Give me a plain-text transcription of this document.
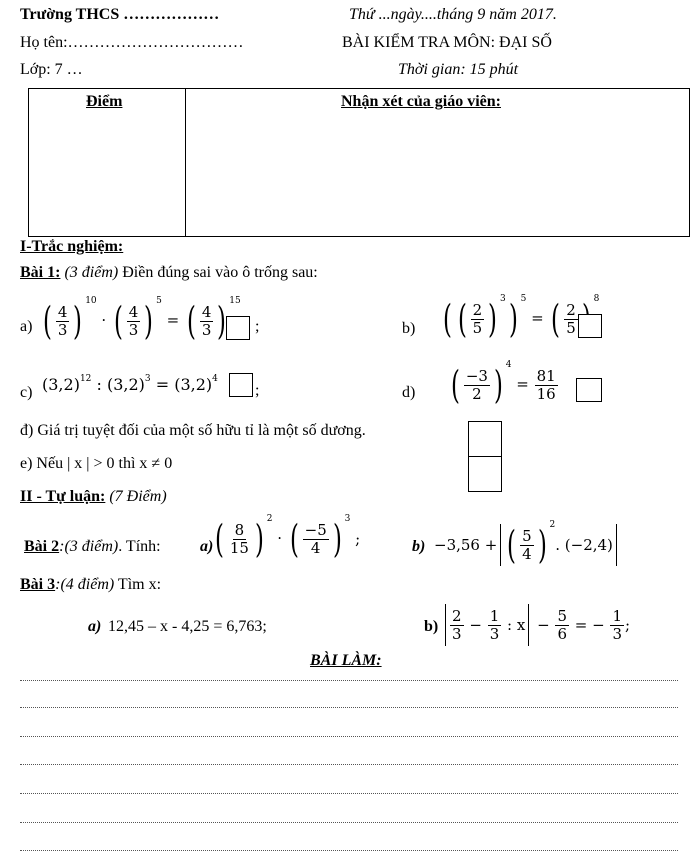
Trường THCS ………………	Thứ ...ngày....tháng 9 năm 2017.
Họ tên:……………………………	BÀI KIỂM TRA MÔN: ĐẠI SỐ
Lớp: 7 …	Thời gian: 15 phút
Điểm	Nhận xét của giáo viên:
I-Trắc nghiệm:
Bài 1: (3 điểm) Điền đúng sai vào ô trống sau:
a) ( $\frac{4}{3}$ ) $^{10}$ · ( $\frac{4}{3}$ ) $^5$ = ( $\frac{4}{3}$ ) $^{15}$
;	b) ( ( $\frac{2}{5}$ ) $^3$) $^5$ = ( $\frac{2}{5}$
$^8$
c) $(3,2)^{12}$ : $(3,2)^3 = (3,2)^4$
;	d) ( $\frac{-3}{2}$ ) $^4 = \frac{81}{16}$
đ) Giá trị tuyệt đối của một số hữu tỉ là một số dương.
e) Nếu | x | > 0 thì x ≠ 0
II - Tự luận: (7 Điểm)
Bài 2:(3 điểm). Tính: a) ( $\frac{8}{15}$ ) $^2$ · ( $\frac{-5}{4}$ ) $^3$ ;	b) −3,56 + ( $\frac{5}{4}$ ) $^2$. (−2,4)
Bài 3:(4 điểm) Tìm x:
a) 12,45 – x - 4,25 = 6,763;	$b) \frac{2}{3} - \frac{1}{3}$ : $x - \frac{5}{6}$ = − $\frac{1}{3}$ ;
BÀI LÀM:
